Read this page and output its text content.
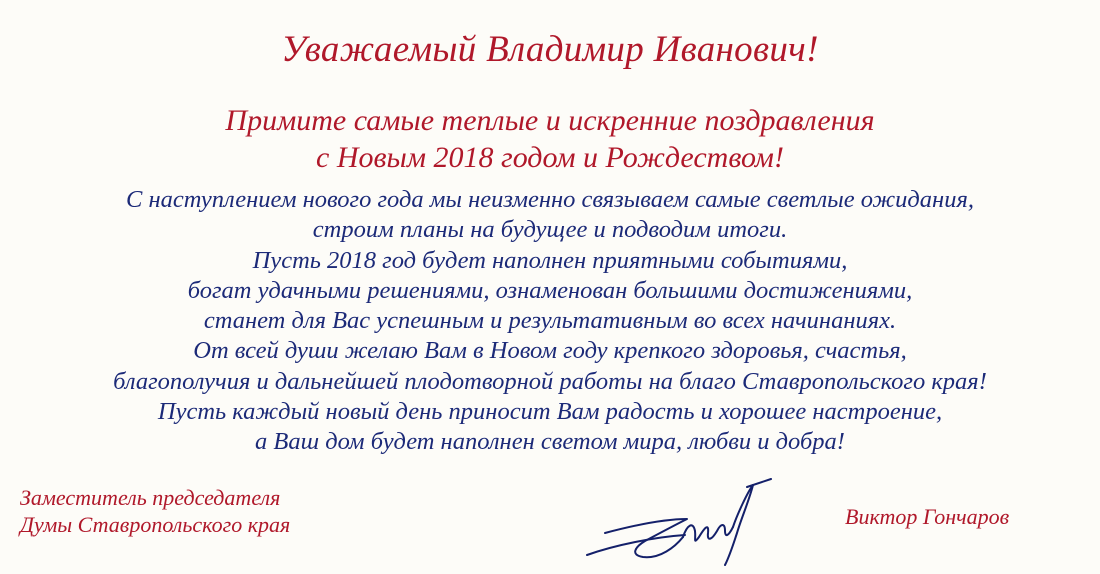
Уважаемый Владимир Иванович!
Примите самые теплые и искренние поздравления
с Новым 2018 годом и Рождеством!
С наступлением нового года мы неизменно связываем самые светлые ожидания,
строим планы на будущее и подводим итоги.
Пусть 2018 год будет наполнен приятными событиями,
богат удачными решениями, ознаменован большими достижениями,
станет для Вас успешным и результативным во всех начинаниях.
От всей души желаю Вам в Новом году крепкого здоровья, счастья,
благополучия и дальнейшей плодотворной работы на благо Ставропольского края!
Пусть каждый новый день приносит Вам радость и хорошее настроение,
а Ваш дом будет наполнен светом мира, любви и добра!
Заместитель председателя
Думы Ставропольского края	Виктор Гончаров
